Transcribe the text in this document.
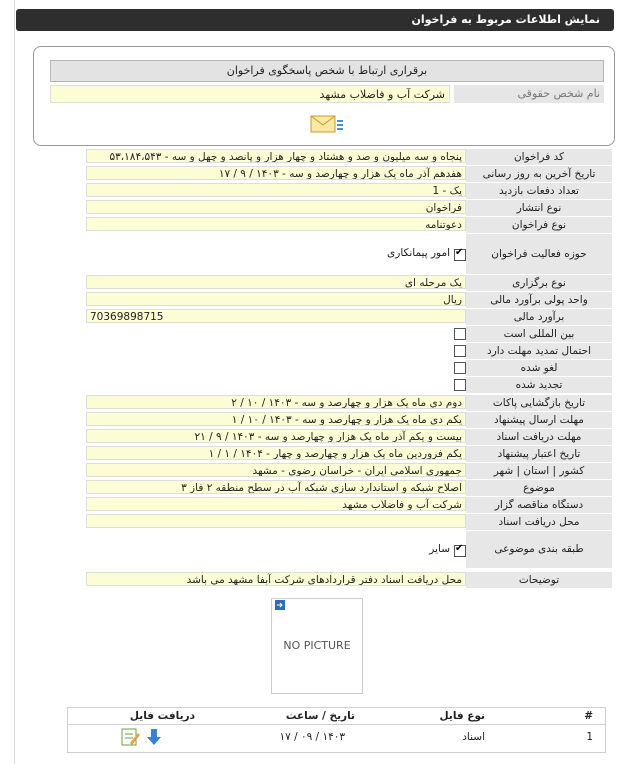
نمایش اطلاعات مربوط به فراخوان
برقراری ارتباط با شخص پاسخگوی فراخوان
نام شخص حقوقی
شرکت آب و فاضلاب مشهد
کد فراخوان
۵۳،۱۸۴،۵۴۳ - پنجاه و سه میلیون و صد و هشتاد و چهار هزار و پانصد و چهل و سه
تاریخ آخرین به روز رسانی
۱۷ / ۹ / ۱۴۰۳ - هفدهم آذر ماه یک هزار و چهارصد و سه
تعداد دفعات بازدید
1 - یک
نوع انتشار
فراخوان
نوع فراخوان
دعوتنامه
حوزه فعالیت فراخوان
✔
امور پیمانکاری
نوع برگزاری
یک مرحله ای
واحد پولی برآورد مالی
ریال
برآورد مالی
70369898715
بین المللی است
احتمال تمدید مهلت دارد
لغو شده
تجدید شده
تاریخ بازگشایی پاکات
۲ / ۱۰ / ۱۴۰۳ - دوم دي ماه یک هزار و چهارصد و سه
مهلت ارسال پیشنهاد
۱ / ۱۰ / ۱۴۰۳ - یکم دی ماه یک هزار و چهارصد و سه
مهلت دریافت اسناد
۲۱ / ۹ / ۱۴۰۳ - بیست و یکم آذر ماه یک هزار و چهارصد و سه
تاریخ اعتبار پیشنهاد
۱ / ۱ / ۱۴۰۴ - یکم فروردین ماه یک هزار و چهارصد و چهار
کشور | استان | شهر
جمهوری اسلامی ایران - خراسان رضوی - مشهد
موضوع
اصلاح شبکه و استاندارد سازی شبکه آب در سطح منطقه ۲ فاز ۳
دستگاه مناقصه گزار
شرکت آب و فاضلاب مشهد
محل دریافت اسناد
طبقه بندی موضوعی
✔
سایر
توضیحات
محل دریافت اسناد دفتر قراردادهای شرکت آبفا مشهد می باشد
NO PICTURE
#
نوع فایل
تاریخ / ساعت
دریافت فایل
1
اسناد
۱۷ / ۰۹ / ۱۴۰۳
